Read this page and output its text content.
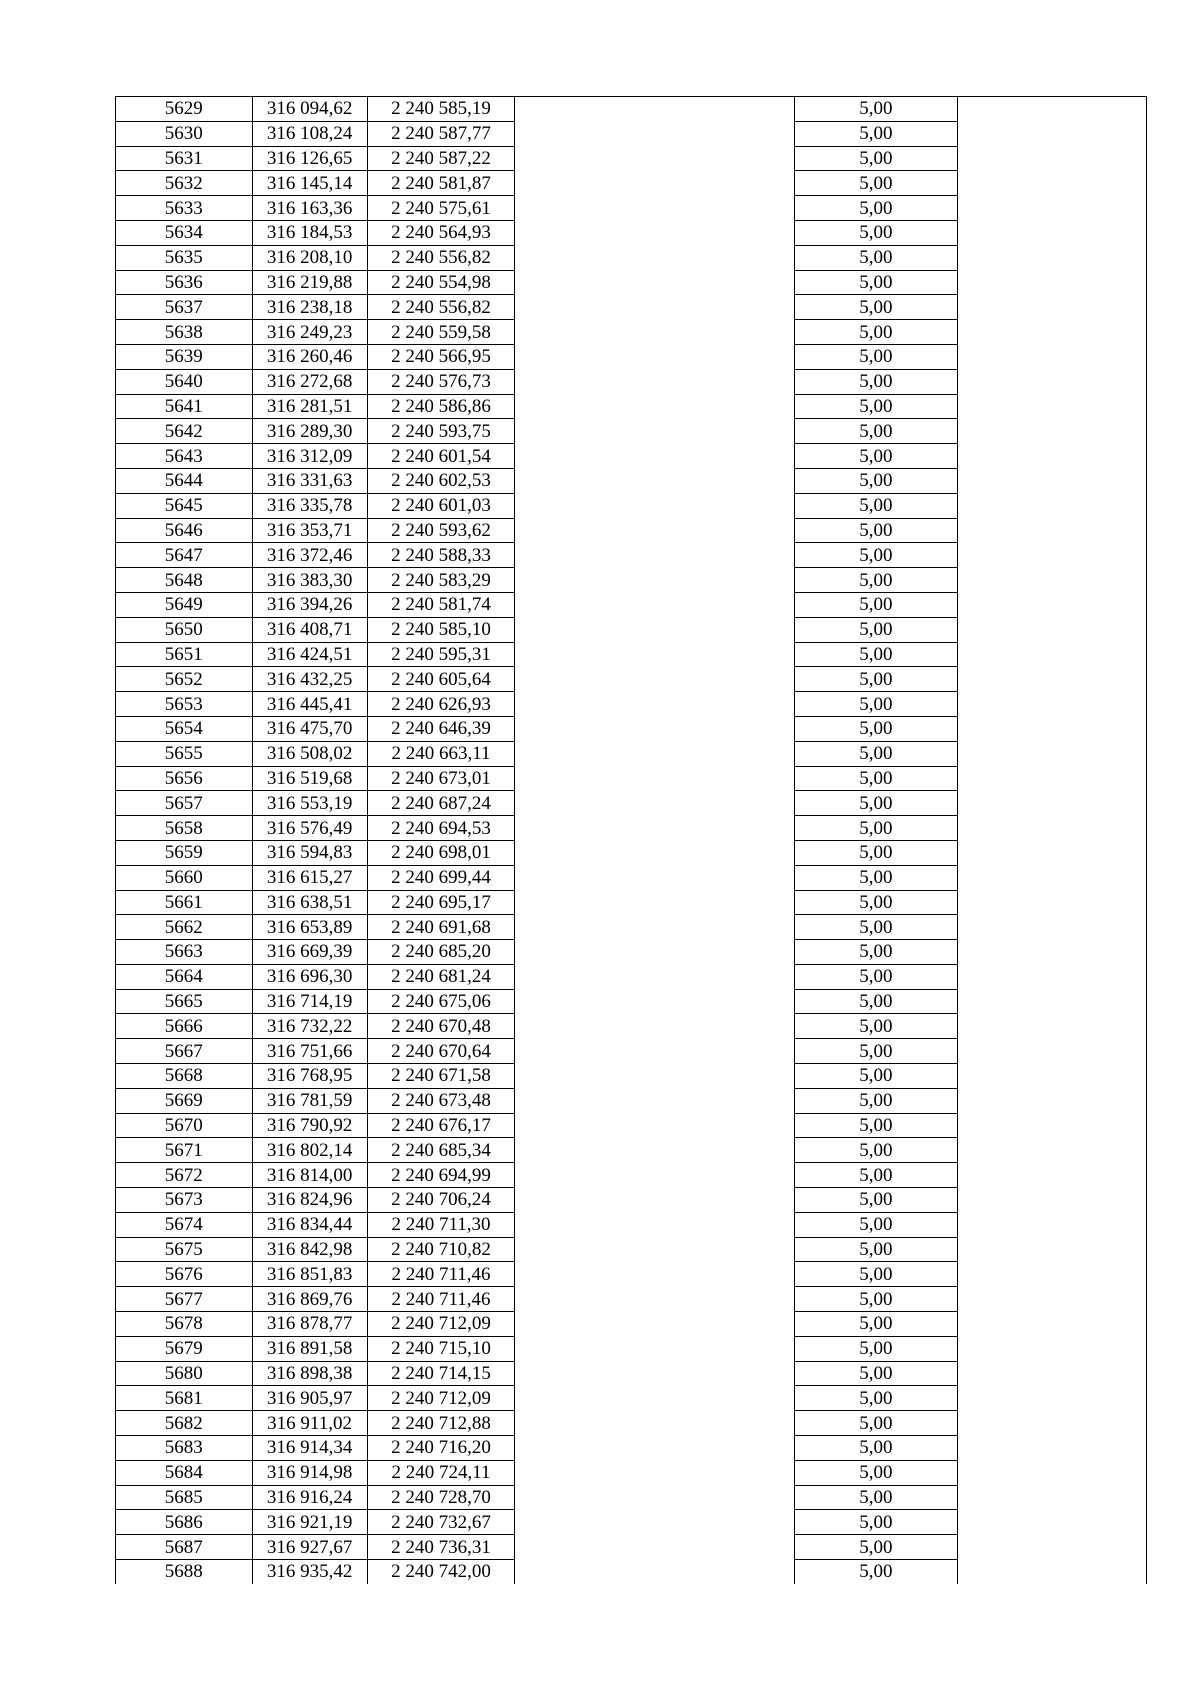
5629	316 094,62	2 240 585,19		5,00	
5630	316 108,24	2 240 587,77		5,00	
5631	316 126,65	2 240 587,22		5,00	
5632	316 145,14	2 240 581,87		5,00	
5633	316 163,36	2 240 575,61		5,00	
5634	316 184,53	2 240 564,93		5,00	
5635	316 208,10	2 240 556,82		5,00	
5636	316 219,88	2 240 554,98		5,00	
5637	316 238,18	2 240 556,82		5,00	
5638	316 249,23	2 240 559,58		5,00	
5639	316 260,46	2 240 566,95		5,00	
5640	316 272,68	2 240 576,73		5,00	
5641	316 281,51	2 240 586,86		5,00	
5642	316 289,30	2 240 593,75		5,00	
5643	316 312,09	2 240 601,54		5,00	
5644	316 331,63	2 240 602,53		5,00	
5645	316 335,78	2 240 601,03		5,00	
5646	316 353,71	2 240 593,62		5,00	
5647	316 372,46	2 240 588,33		5,00	
5648	316 383,30	2 240 583,29		5,00	
5649	316 394,26	2 240 581,74		5,00	
5650	316 408,71	2 240 585,10		5,00	
5651	316 424,51	2 240 595,31		5,00	
5652	316 432,25	2 240 605,64		5,00	
5653	316 445,41	2 240 626,93		5,00	
5654	316 475,70	2 240 646,39		5,00	
5655	316 508,02	2 240 663,11		5,00	
5656	316 519,68	2 240 673,01		5,00	
5657	316 553,19	2 240 687,24		5,00	
5658	316 576,49	2 240 694,53		5,00	
5659	316 594,83	2 240 698,01		5,00	
5660	316 615,27	2 240 699,44		5,00	
5661	316 638,51	2 240 695,17		5,00	
5662	316 653,89	2 240 691,68		5,00	
5663	316 669,39	2 240 685,20		5,00	
5664	316 696,30	2 240 681,24		5,00	
5665	316 714,19	2 240 675,06		5,00	
5666	316 732,22	2 240 670,48		5,00	
5667	316 751,66	2 240 670,64		5,00	
5668	316 768,95	2 240 671,58		5,00	
5669	316 781,59	2 240 673,48		5,00	
5670	316 790,92	2 240 676,17		5,00	
5671	316 802,14	2 240 685,34		5,00	
5672	316 814,00	2 240 694,99		5,00	
5673	316 824,96	2 240 706,24		5,00	
5674	316 834,44	2 240 711,30		5,00	
5675	316 842,98	2 240 710,82		5,00	
5676	316 851,83	2 240 711,46		5,00	
5677	316 869,76	2 240 711,46		5,00	
5678	316 878,77	2 240 712,09		5,00	
5679	316 891,58	2 240 715,10		5,00	
5680	316 898,38	2 240 714,15		5,00	
5681	316 905,97	2 240 712,09		5,00	
5682	316 911,02	2 240 712,88		5,00	
5683	316 914,34	2 240 716,20		5,00	
5684	316 914,98	2 240 724,11		5,00	
5685	316 916,24	2 240 728,70		5,00	
5686	316 921,19	2 240 732,67		5,00	
5687	316 927,67	2 240 736,31		5,00	
5688	316 935,42	2 240 742,00		5,00	
